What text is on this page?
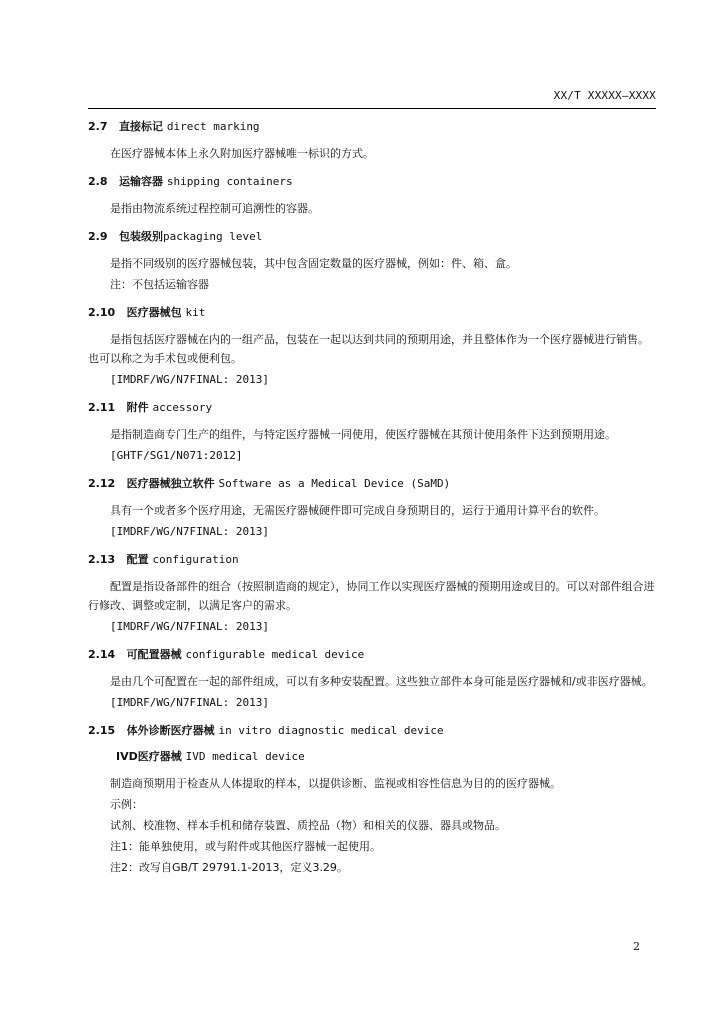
XX/T XXXXX—XXXX
2.7 直接标记 direct marking

在医疗器械本体上永久附加医疗器械唯一标识的方式。

2.8 运输容器 shipping containers

是指由物流系统过程控制可追溯性的容器。

2.9 包装级别packaging level

是指不同级别的医疗器械包装，其中包含固定数量的医疗器械，例如：件、箱、盒。

注：不包括运输容器

2.10 医疗器械包 kit

是指包括医疗器械在内的一组产品，包装在一起以达到共同的预期用途，并且整体作为一个医疗器械进行销售。也可以称之为手术包或便利包。

[IMDRF/WG/N7FINAL: 2013]

2.11 附件 accessory

是指制造商专门生产的组件，与特定医疗器械一同使用，使医疗器械在其预计使用条件下达到预期用途。

[GHTF/SG1/N071:2012]

2.12 医疗器械独立软件 Software as a Medical Device (SaMD)

具有一个或者多个医疗用途，无需医疗器械硬件即可完成自身预期目的，运行于通用计算平台的软件。

[IMDRF/WG/N7FINAL: 2013]

2.13 配置 configuration

配置是指设备部件的组合（按照制造商的规定），协同工作以实现医疗器械的预期用途或目的。可以对部件组合进行修改、调整或定制，以满足客户的需求。

[IMDRF/WG/N7FINAL: 2013]

2.14 可配置器械 configurable medical device

是由几个可配置在一起的部件组成，可以有多种安装配置。这些独立部件本身可能是医疗器械和/或非医疗器械。

[IMDRF/WG/N7FINAL: 2013]

2.15 体外诊断医疗器械 in vitro diagnostic medical device
IVD医疗器械 IVD medical device

制造商预期用于检查从人体提取的样本，以提供诊断、监视或相容性信息为目的的医疗器械。

示例：

试剂、校准物、样本手机和储存装置、质控品（物）和相关的仪器、器具或物品。

注1：能单独使用，或与附件或其他医疗器械一起使用。

注2：改写自GB/T 29791.1-2013，定义3.29。

2
